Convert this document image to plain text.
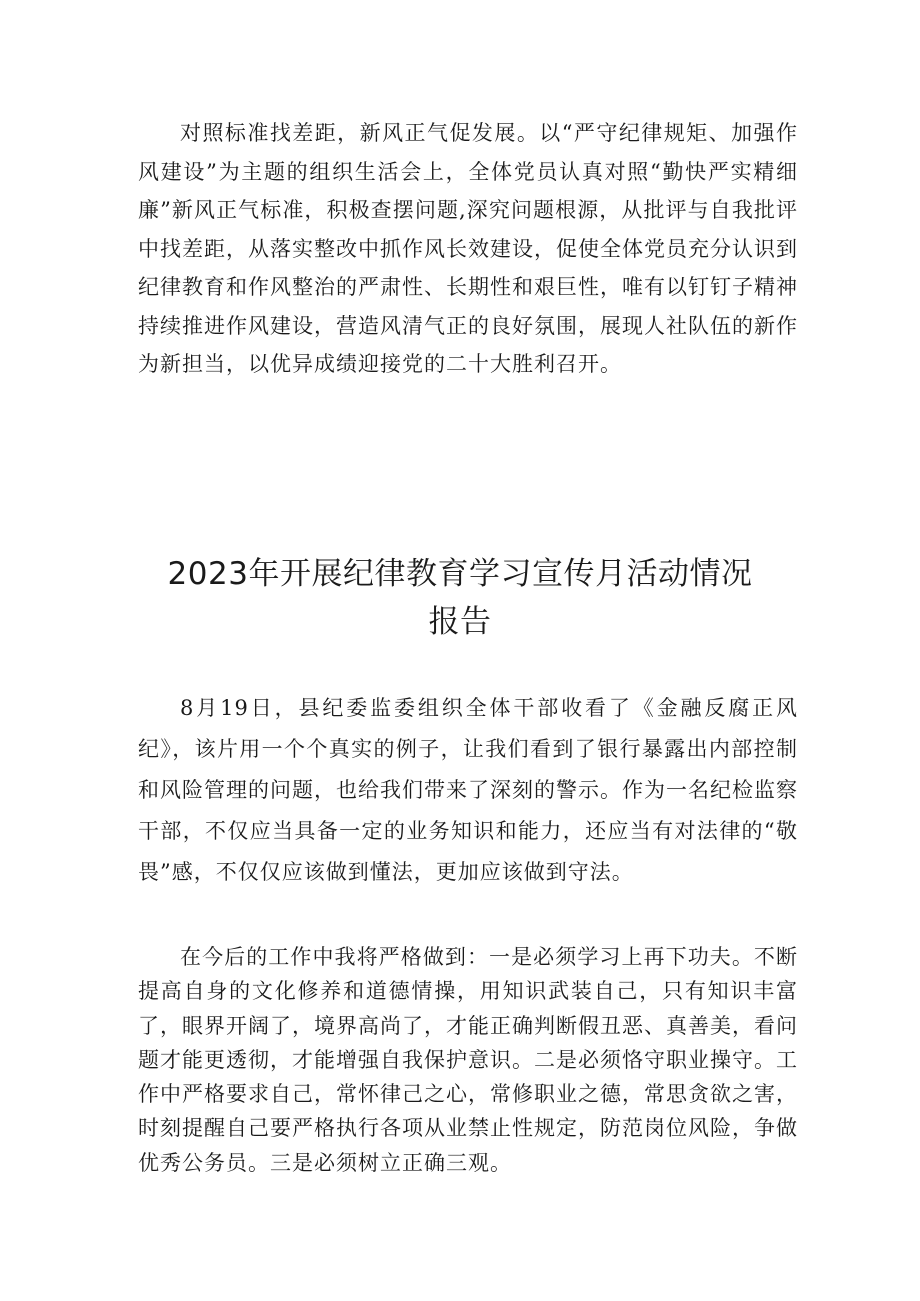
对照标准找差距，新风正气促发展。以“严守纪律规矩、加强作风建设”为主题的组织生活会上，全体党员认真对照“勤快严实精细廉”新风正气标准，积极查摆问题,深究问题根源，从批评与自我批评中找差距，从落实整改中抓作风长效建设，促使全体党员充分认识到纪律教育和作风整治的严肃性、长期性和艰巨性，唯有以钉钉子精神持续推进作风建设，营造风清气正的良好氛围，展现人社队伍的新作为新担当，以优异成绩迎接党的二十大胜利召开。

2023年开展纪律教育学习宣传月活动情况
报告

8月19日，县纪委监委组织全体干部收看了《金融反腐正风纪》，该片用一个个真实的例子，让我们看到了银行暴露出内部控制和风险管理的问题，也给我们带来了深刻的警示。作为一名纪检监察干部，不仅应当具备一定的业务知识和能力，还应当有对法律的“敬畏”感，不仅仅应该做到懂法，更加应该做到守法。

在今后的工作中我将严格做到：一是必须学习上再下功夫。不断提高自身的文化修养和道德情操，用知识武装自己，只有知识丰富了，眼界开阔了，境界高尚了，才能正确判断假丑恶、真善美，看问题才能更透彻，才能增强自我保护意识。二是必须恪守职业操守。工作中严格要求自己，常怀律己之心，常修职业之德，常思贪欲之害，时刻提醒自己要严格执行各项从业禁止性规定，防范岗位风险，争做优秀公务员。三是必须树立正确三观。
